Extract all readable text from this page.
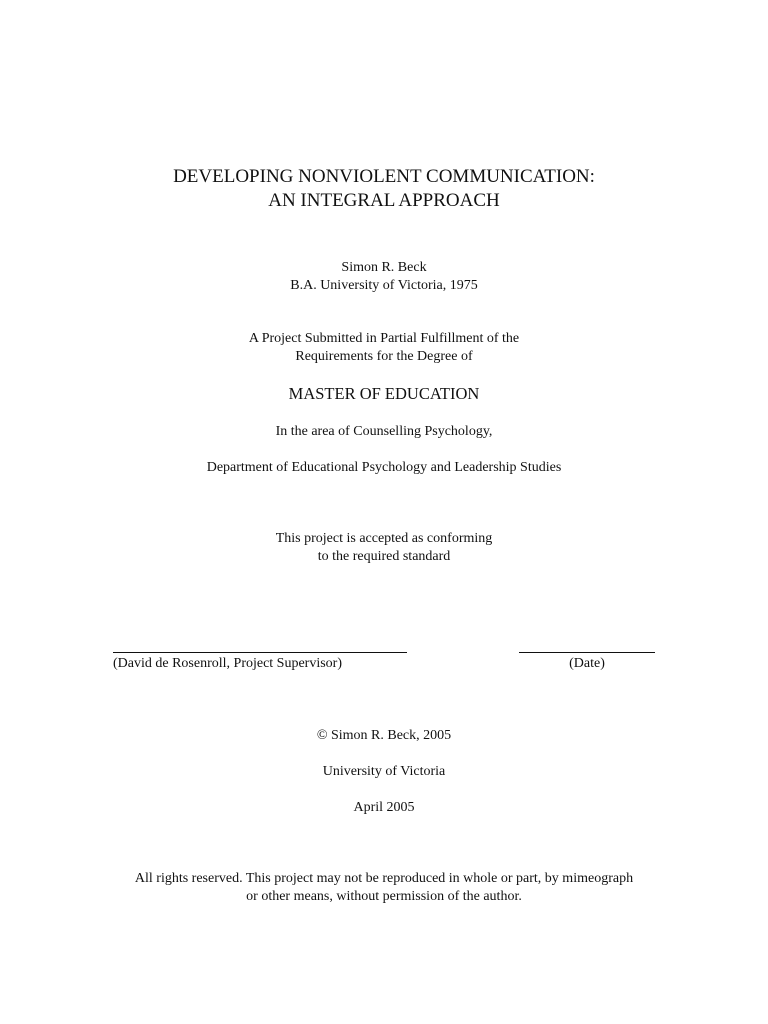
DEVELOPING NONVIOLENT COMMUNICATION:
AN INTEGRAL APPROACH
Simon R. Beck
B.A. University of Victoria, 1975
A Project Submitted in Partial Fulfillment of the
Requirements for the Degree of
MASTER OF EDUCATION
In the area of Counselling Psychology,
Department of Educational Psychology and Leadership Studies
This project is accepted as conforming
to the required standard
(David de Rosenroll, Project Supervisor)	(Date)
© Simon R. Beck, 2005
University of Victoria
April 2005
All rights reserved. This project may not be reproduced in whole or part, by mimeograph
or other means, without permission of the author.
